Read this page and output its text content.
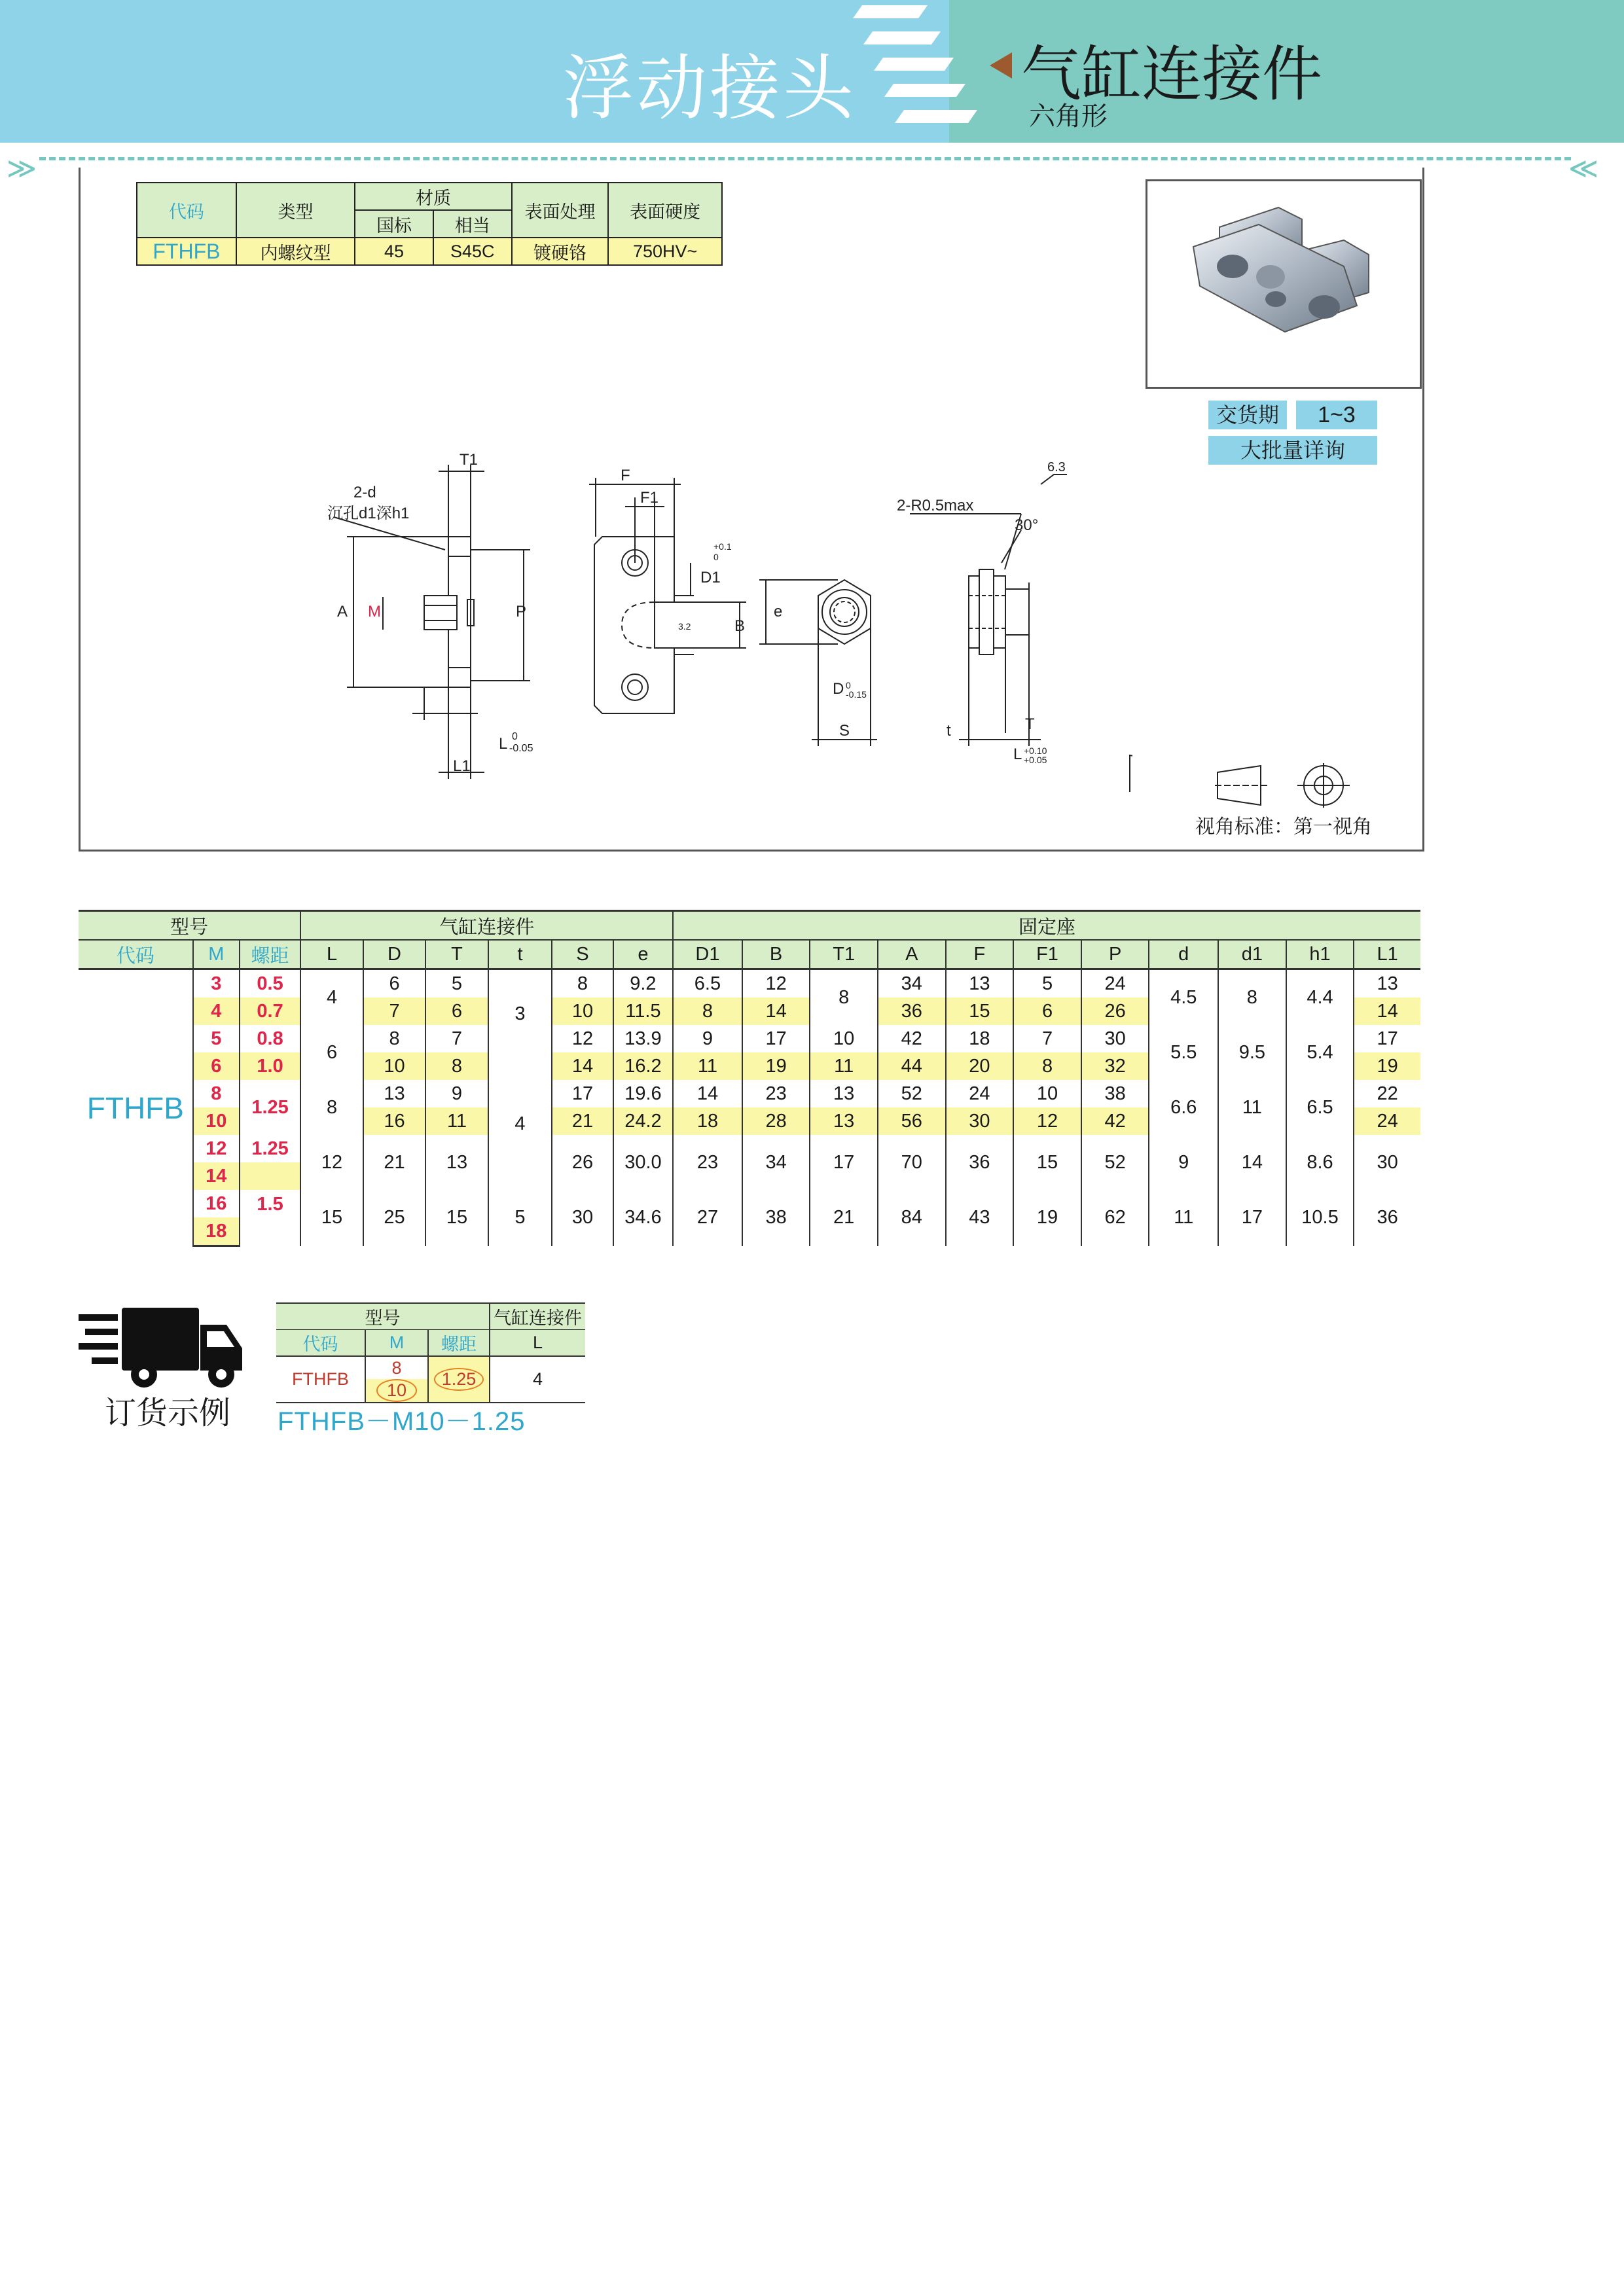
浮动接头	气缸连接件
六角形
≫	≪
代码	类型	材质		表面处理	表面硬度
		国标	相当		
FTHFB	内螺纹型	45	S45C	镀硬铬	750HV~
交货期	1~3
大批量详询
T1
2-d
沉孔d1深h1
A M	P
L 0
-0.05
L1
F
F1
D1
+0.1
0
B
3.2
e
D 0
-0.15
S
2-R0.5max
30°
6.3
t	T
L +0.10
+0.05
视角标准：第一视角
型号			气缸连接件						固定座										
代码	M	螺距	L	D	T	t	S	e	D1	B	T1	A	F	F1	P	d	d1	h1	L1
FTHFB	3	0.5	4	6	5	3	8	9.2	6.5	12	8	34	13	5	24	4.5	8	4.4	13
	4	0.7		7	6		10	11.5	8	14		36	15	6	26				14
	5	0.8	6	8	7		12	13.9	9	17	10	42	18	7	30	5.5	9.5	5.4	17
	6	1.0		10	8		14	16.2	11	19	11	44	20	8	32				19
	8	1.25	8	13	9	4	17	19.6	14	23	13	52	24	10	38	6.6	11	6.5	22
	10			16	11		21	24.2	18	28	13	56	30	12	42				24
	12	1.25	12	21	13		26	30.0	23	34	17	70	36	15	52	9	14	8.6	30
	14																		
	16	1.5	15	25	15	5	30	34.6	27	38	21	84	43	19	62	11	17	10.5	36
	18																		
订货示例
型号			气缸连接件
代码	M	螺距	L
FTHFB	8	1.25	4
	10		
FTHFB－M10－1.25
